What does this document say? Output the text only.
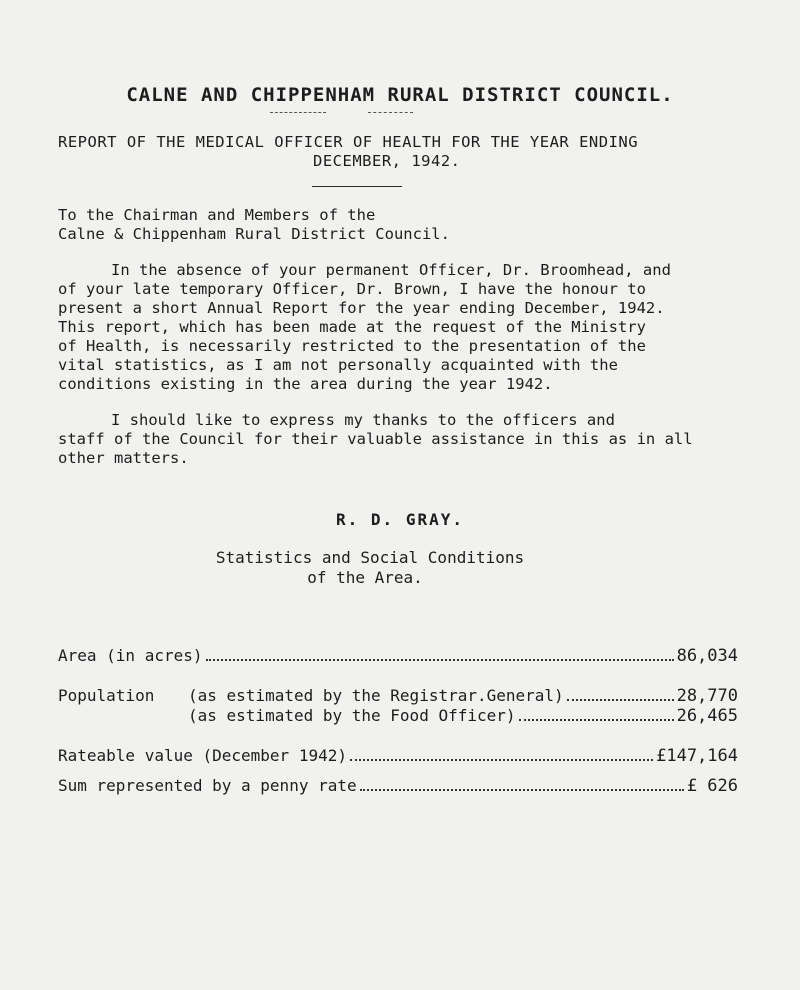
CALNE AND CHIPPENHAM RURAL DISTRICT COUNCIL.
REPORT OF THE MEDICAL OFFICER OF HEALTH FOR THE YEAR ENDING
DECEMBER, 1942.
To the Chairman and Members of the
Calne & Chippenham Rural District Council.
In the absence of your permanent Officer, Dr. Broomhead, and
of your late temporary Officer, Dr. Brown, I have the honour to
present a short Annual Report for the year ending December, 1942.
This report, which has been made at the request of the Ministry
of Health, is necessarily restricted to the presentation of the
vital statistics, as I am not personally acquainted with the
conditions existing in the area during the year 1942.
I should like to express my thanks to the officers and
staff of the Council for their valuable assistance in this as in all
other matters.
R. D. GRAY.
Statistics and Social Conditions
of the Area.
Area (in acres)	86,034
Population	(as estimated by the Registrar.General)	28,770
(as estimated by the Food Officer)	26,465
Rateable value (December 1942)	£147,164
Sum represented by a penny rate	£ 626
